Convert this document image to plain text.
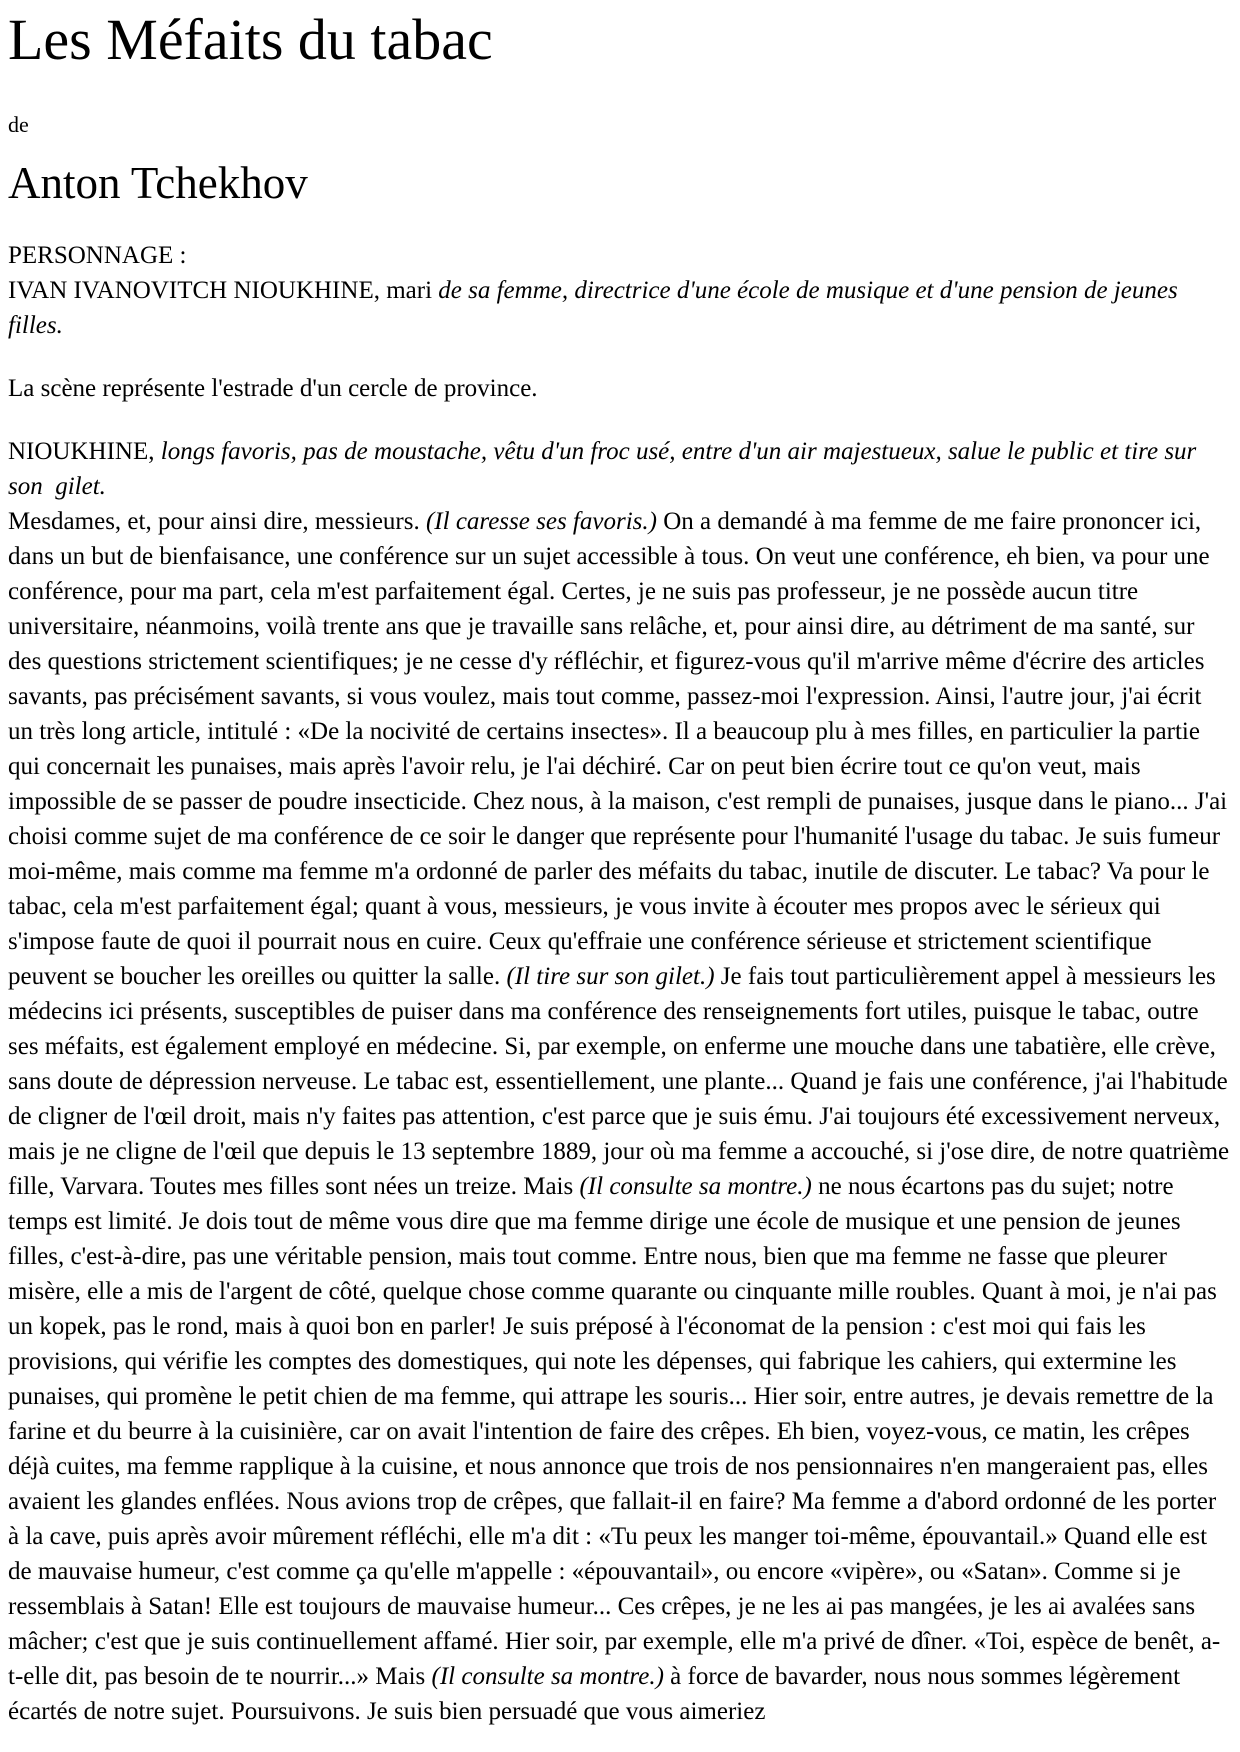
Les Méfaits du tabac

de

Anton Tchekhov

PERSONNAGE :
IVAN IVANOVITCH NIOUKHINE, mari de sa femme, directrice d'une école de musique et d'une pension de jeunes filles.

La scène représente l'estrade d'un cercle de province.

NIOUKHINE, longs favoris, pas de moustache, vêtu d'un froc usé, entre d'un air majestueux, salue le public et tire sur son  gilet.
Mesdames, et, pour ainsi dire, messieurs. (Il caresse ses favoris.) On a demandé à ma femme de me faire prononcer ici, dans un but de bienfaisance, une conférence sur un sujet accessible à tous. On veut une conférence, eh bien, va pour une conférence, pour ma part, cela m'est parfaitement égal. Certes, je ne suis pas professeur, je ne possède aucun titre universitaire, néanmoins, voilà trente ans que je travaille sans relâche, et, pour ainsi dire, au détriment de ma santé, sur des questions strictement scientifiques; je ne cesse d'y réfléchir, et figurez-vous qu'il m'arrive même d'écrire des articles savants, pas précisément savants, si vous voulez, mais tout comme, passez-moi l'expression. Ainsi, l'autre jour, j'ai écrit un très long article, intitulé : «De la nocivité de certains insectes». Il a beaucoup plu à mes filles, en particulier la partie qui concernait les punaises, mais après l'avoir relu, je l'ai déchiré. Car on peut bien écrire tout ce qu'on veut, mais impossible de se passer de poudre insecticide. Chez nous, à la maison, c'est rempli de punaises, jusque dans le piano... J'ai choisi comme sujet de ma conférence de ce soir le danger que représente pour l'humanité l'usage du tabac. Je suis fumeur moi-même, mais comme ma femme m'a ordonné de parler des méfaits du tabac, inutile de discuter. Le tabac? Va pour le tabac, cela m'est parfaitement égal; quant à vous, messieurs, je vous invite à écouter mes propos avec le sérieux qui s'impose faute de quoi il pourrait nous en cuire. Ceux qu'effraie une conférence sérieuse et strictement scientifique peuvent se boucher les oreilles ou quitter la salle. (Il tire sur son gilet.) Je fais tout particulièrement appel à messieurs les médecins ici présents, susceptibles de puiser dans ma conférence des renseignements fort utiles, puisque le tabac, outre ses méfaits, est également employé en médecine. Si, par exemple, on enferme une mouche dans une tabatière, elle crève, sans doute de dépression nerveuse. Le tabac est, essentiellement, une plante... Quand je fais une conférence, j'ai l'habitude de cligner de l'œil droit, mais n'y faites pas attention, c'est parce que je suis ému. J'ai toujours été excessivement nerveux, mais je ne cligne de l'œil que depuis le 13 septembre 1889, jour où ma femme a accouché, si j'ose dire, de notre quatrième fille, Varvara. Toutes mes filles sont nées un treize. Mais (Il consulte sa montre.) ne nous écartons pas du sujet; notre temps est limité. Je dois tout de même vous dire que ma femme dirige une école de musique et une pension de jeunes filles, c'est-à-dire, pas une véritable pension, mais tout comme. Entre nous, bien que ma femme ne fasse que pleurer misère, elle a mis de l'argent de côté, quelque chose comme quarante ou cinquante mille roubles. Quant à moi, je n'ai pas un kopek, pas le rond, mais à quoi bon en parler! Je suis préposé à l'économat de la pension : c'est moi qui fais les provisions, qui vérifie les comptes des domestiques, qui note les dépenses, qui fabrique les cahiers, qui extermine les punaises, qui promène le petit chien de ma femme, qui attrape les souris... Hier soir, entre autres, je devais remettre de la farine et du beurre à la cuisinière, car on avait l'intention de faire des crêpes. Eh bien, voyez-vous, ce matin, les crêpes déjà cuites, ma femme rapplique à la cuisine, et nous annonce que trois de nos pensionnaires n'en mangeraient pas, elles avaient les glandes enflées. Nous avions trop de crêpes, que fallait-il en faire? Ma femme a d'abord ordonné de les porter à la cave, puis après avoir mûrement réfléchi, elle m'a dit : «Tu peux les manger toi-même, épouvantail.» Quand elle est de mauvaise humeur, c'est comme ça qu'elle m'appelle : «épouvantail», ou encore «vipère», ou «Satan». Comme si je ressemblais à Satan! Elle est toujours de mauvaise humeur... Ces crêpes, je ne les ai pas mangées, je les ai avalées sans mâcher; c'est que je suis continuellement affamé. Hier soir, par exemple, elle m'a privé de dîner. «Toi, espèce de benêt, a-t-elle dit, pas besoin de te nourrir...» Mais (Il consulte sa montre.) à force de bavarder, nous nous sommes légèrement écartés de notre sujet. Poursuivons. Je suis bien persuadé que vous aimeriez
